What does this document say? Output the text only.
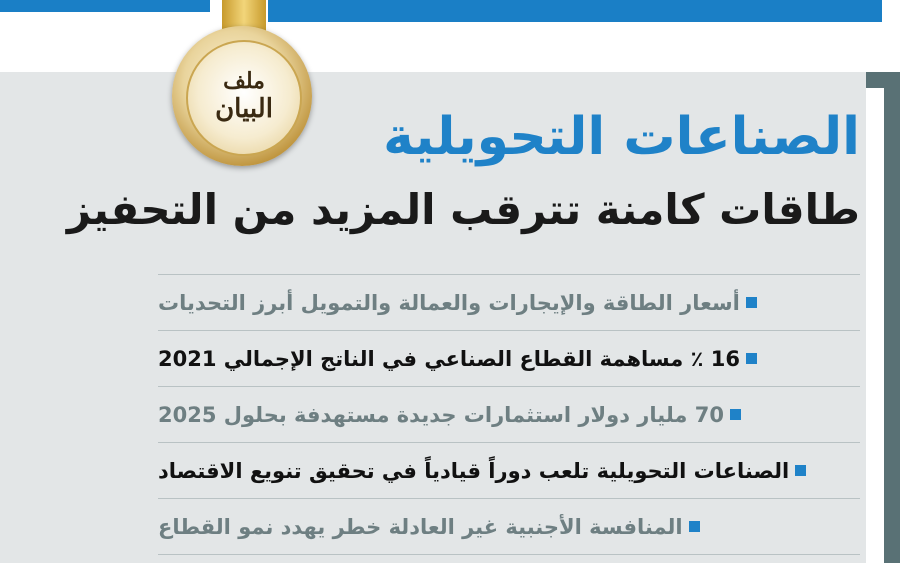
ملف
البيان	الصناعات التحويلية
طاقات كامنة تترقب المزيد من التحفيز
أسعار الطاقة والإيجارات والعمالة والتمويل أبرز التحديات
16 ٪ مساهمة القطاع الصناعي في الناتج الإجمالي 2021
70 مليار دولار استثمارات جديدة مستهدفة بحلول 2025
الصناعات التحويلية تلعب دوراً قيادياً في تحقيق تنويع الاقتصاد
المنافسة الأجنبية غير العادلة خطر يهدد نمو القطاع
